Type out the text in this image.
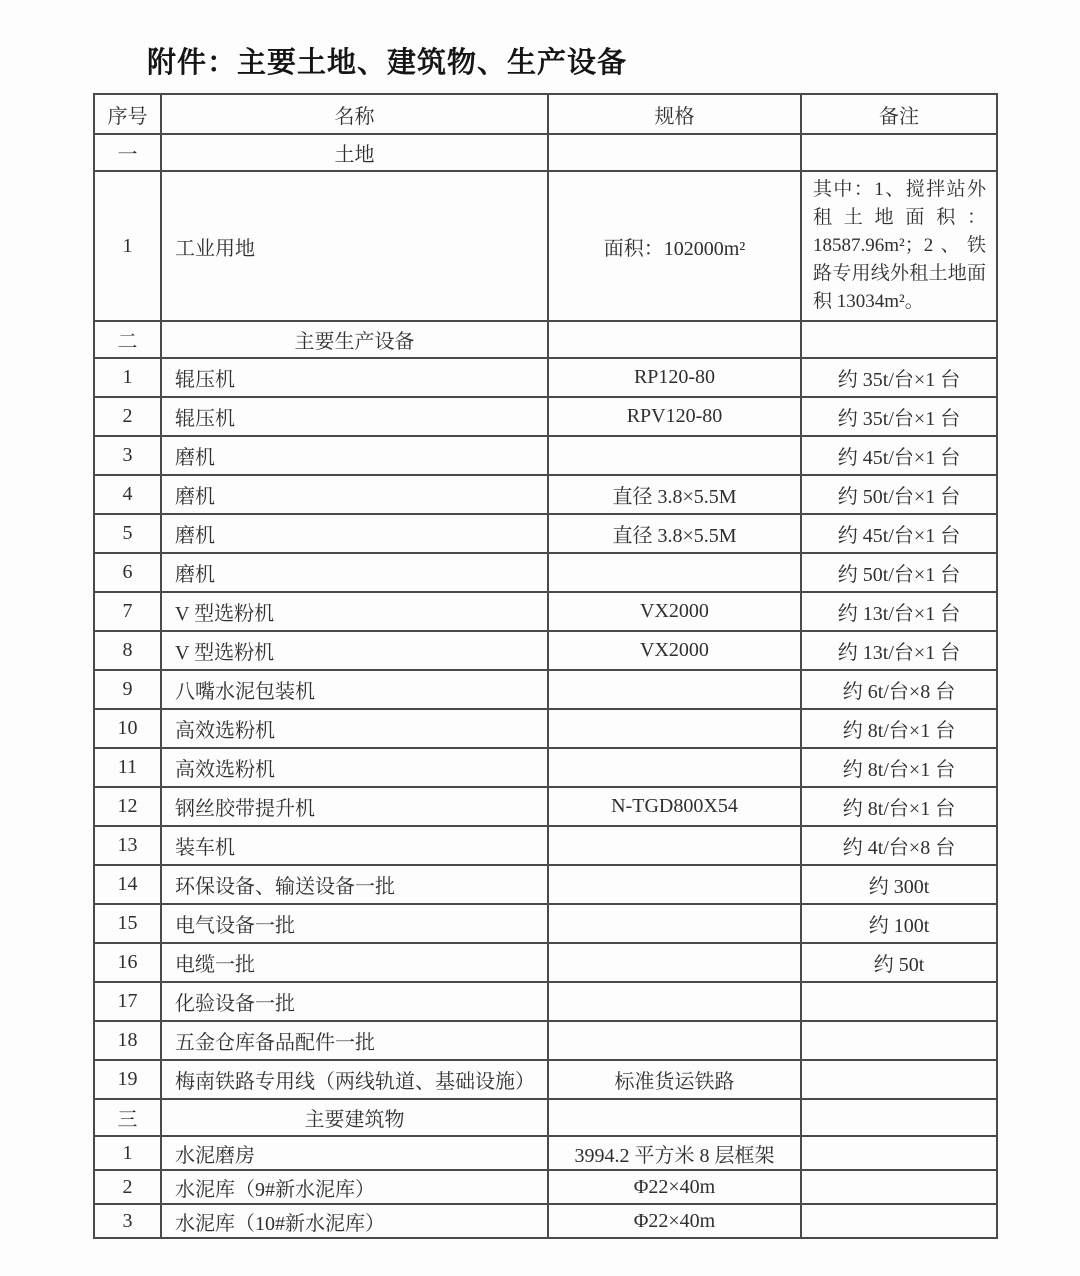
附件：主要土地、建筑物、生产设备
序号	名称	规格	备注
一	土地		
1	工业用地	面积：102000m²	其中：1、搅拌站外租土地面积：18587.96m²；2、铁路专用线外租土地面积 13034m²。
二	主要生产设备		
1	辊压机	RP120-80	约 35t/台×1 台
2	辊压机	RPV120-80	约 35t/台×1 台
3	磨机		约 45t/台×1 台
4	磨机	直径 3.8×5.5M	约 50t/台×1 台
5	磨机	直径 3.8×5.5M	约 45t/台×1 台
6	磨机		约 50t/台×1 台
7	V 型选粉机	VX2000	约 13t/台×1 台
8	V 型选粉机	VX2000	约 13t/台×1 台
9	八嘴水泥包装机		约 6t/台×8 台
10	高效选粉机		约 8t/台×1 台
11	高效选粉机		约 8t/台×1 台
12	钢丝胶带提升机	N-TGD800X54	约 8t/台×1 台
13	装车机		约 4t/台×8 台
14	环保设备、输送设备一批		约 300t
15	电气设备一批		约 100t
16	电缆一批		约 50t
17	化验设备一批		
18	五金仓库备品配件一批		
19	梅南铁路专用线（两线轨道、基础设施）	标准货运铁路	
三	主要建筑物		
1	水泥磨房	3994.2 平方米 8 层框架	
2	水泥库（9#新水泥库）	Φ22×40m	
3	水泥库（10#新水泥库）	Φ22×40m	
